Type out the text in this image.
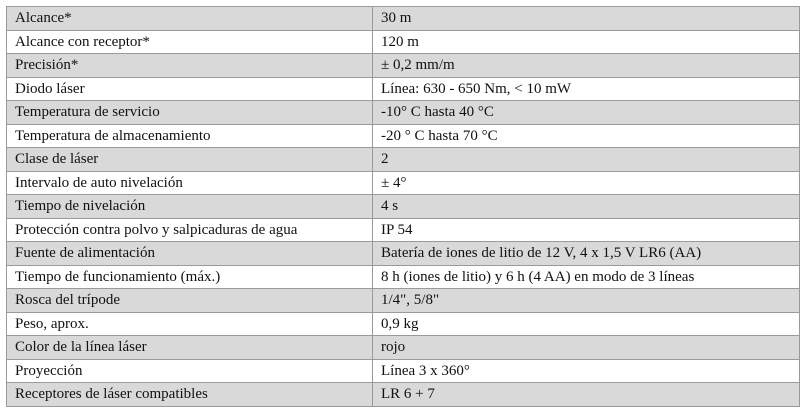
Alcance*	30 m
Alcance con receptor*	120 m
Precisión*	± 0,2 mm/m
Diodo láser	Línea: 630 - 650 Nm, < 10 mW
Temperatura de servicio	-10° C hasta 40 °C
Temperatura de almacenamiento	-20 ° C hasta 70 °C
Clase de láser	2
Intervalo de auto nivelación	± 4°
Tiempo de nivelación	4 s
Protección contra polvo y salpicaduras de agua	IP 54
Fuente de alimentación	Batería de iones de litio de 12 V, 4 x 1,5 V LR6 (AA)
Tiempo de funcionamiento (máx.)	8 h (iones de litio) y 6 h (4 AA) en modo de 3 líneas
Rosca del trípode	1/4", 5/8"
Peso, aprox.	0,9 kg
Color de la línea láser	rojo
Proyección	Línea 3 x 360°
Receptores de láser compatibles	LR 6 + 7
